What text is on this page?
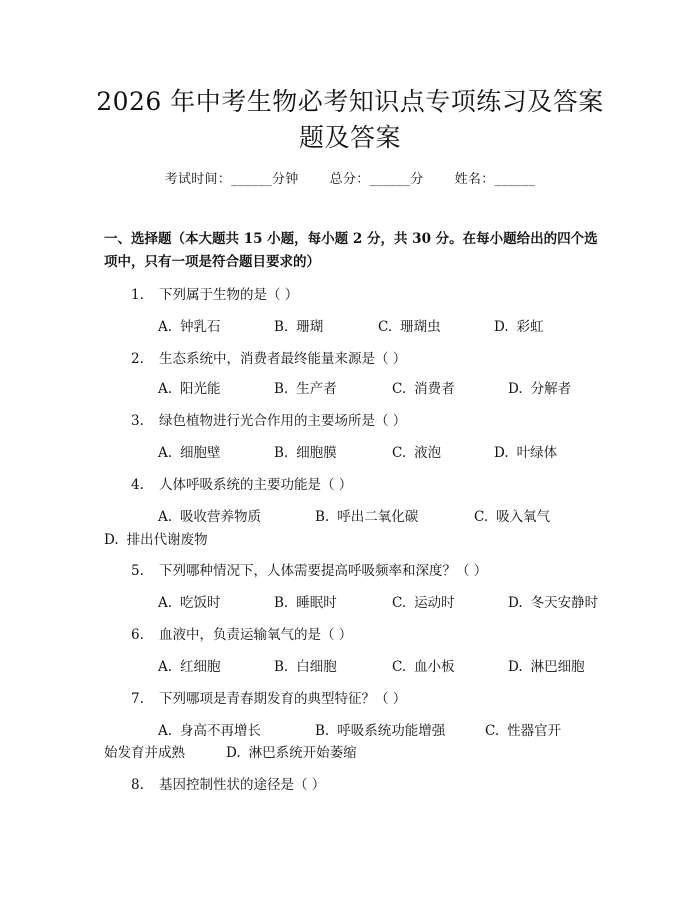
2026 年中考生物必考知识点专项练习及答案
题及答案
考试时间：______分钟 总分：______分 姓名：______
一、选择题（本大题共 15 小题，每小题 2 分，共 30 分。在每小题给出的四个选项中，只有一项是符合题目要求的）
1. 下列属于生物的是（ ）
A. 钟乳石	B. 珊瑚	C. 珊瑚虫	D. 彩虹
2. 生态系统中，消费者最终能量来源是（ ）
A. 阳光能	B. 生产者	C. 消费者	D. 分解者
3. 绿色植物进行光合作用的主要场所是（ ）
A. 细胞壁	B. 细胞膜	C. 液泡	D. 叶绿体
4. 人体呼吸系统的主要功能是（ ）
A. 吸收营养物质	B. 呼出二氧化碳	C. 吸入氧气
D. 排出代谢废物
5. 下列哪种情况下，人体需要提高呼吸频率和深度？（ ）
A. 吃饭时	B. 睡眠时	C. 运动时	D. 冬天安静时
6. 血液中，负责运输氧气的是（ ）
A. 红细胞	B. 白细胞	C. 血小板	D. 淋巴细胞
7. 下列哪项是青春期发育的典型特征？（ ）
A. 身高不再增长	B. 呼吸系统功能增强	C. 性器官开
D. 淋巴系统开始萎缩
8. 基因控制性状的途径是（ ）
始发育并成熟
